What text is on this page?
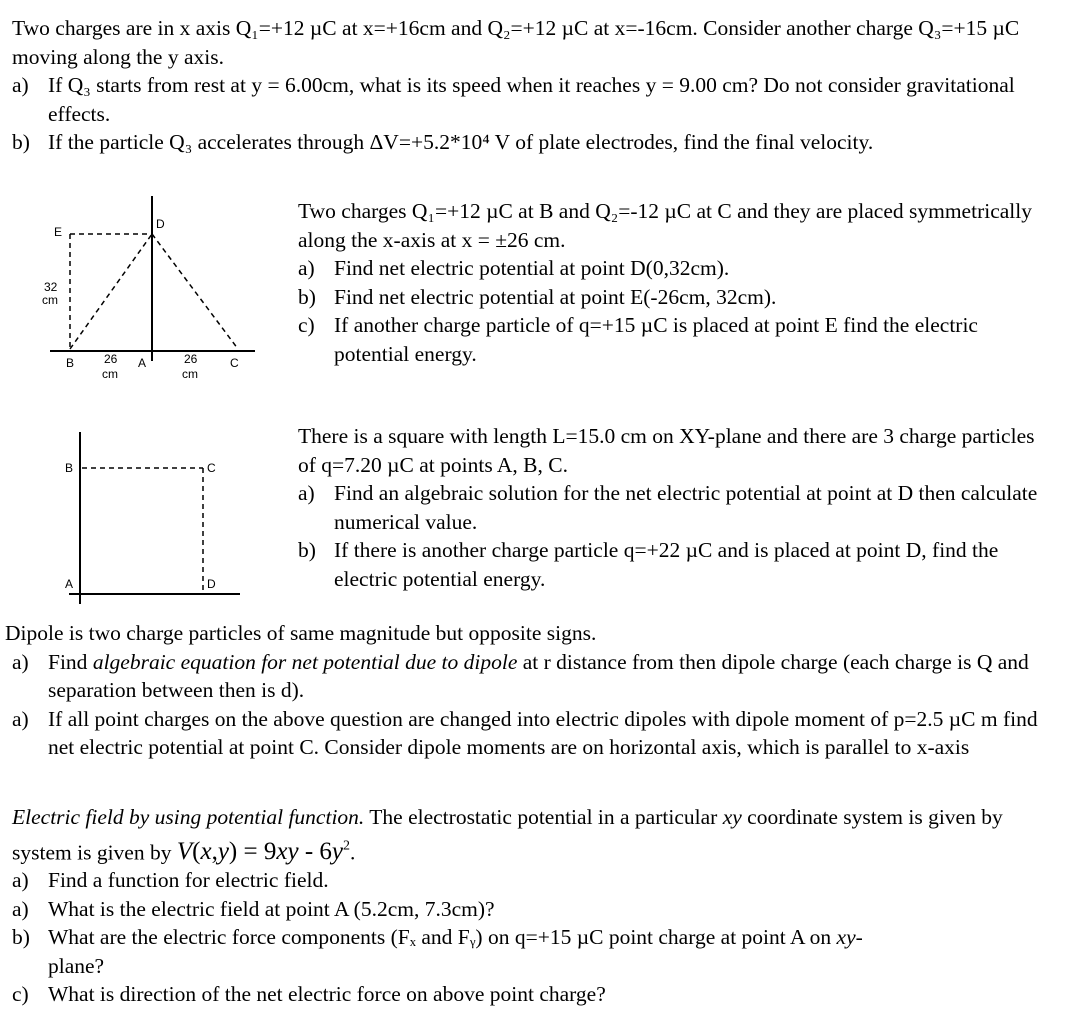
Two charges are in x axis Q₁=+12 µC at x=+16cm and Q₂=+12 µC at x=-16cm. Consider another charge Q₃=+15 µC moving along the y axis.

a) If Q₃ starts from rest at y = 6.00cm, what is its speed when it reaches y = 9.00 cm? Do not consider gravitational effects.
b) If the particle Q₃ accelerates through ΔV=+5.2*10⁴ V of plate electrodes, find the final velocity.
E
D
32
cm
B 26
cm
A	26
cm
C

Two charges Q₁=+12 µC at B and Q₂=-12 µC at C and they are placed symmetrically along the x-axis at x = ±26 cm.

a) Find net electric potential at point D(0,32cm).
b) Find net electric potential at point E(-26cm, 32cm).
c) If another charge particle of q=+15 µC is placed at point E find the electric potential energy.
B	C
A	D

There is a square with length L=15.0 cm on XY-plane and there are 3 charge particles of q=7.20 µC at points A, B, C.

a) Find an algebraic solution for the net electric potential at point at D then calculate numerical value.
b) If there is another charge particle q=+22 µC and is placed at point D, find the electric potential energy.

Dipole is two charge particles of same magnitude but opposite signs.

a) Find algebraic equation for net potential due to dipole at r distance from then dipole charge (each charge is Q and separation between then is d).
a) If all point charges on the above question are changed into electric dipoles with dipole moment of p=2.5 µC m find net electric potential at point C. Consider dipole moments are on horizontal axis, which is parallel to x-axis

Electric field by using potential function. The electrostatic potential in a particular xy coordinate system is given by

system is given by $V(x,y) = 9xy - 6y^2$.

a) Find a function for electric field.
a) What is the electric field at point A (5.2cm, 7.3cm)?
b) What are the electric force components (Fₓ and Fᵧ) on q=+15 µC point charge at point A on xy-
plane?
c) What is direction of the net electric force on above point charge?
